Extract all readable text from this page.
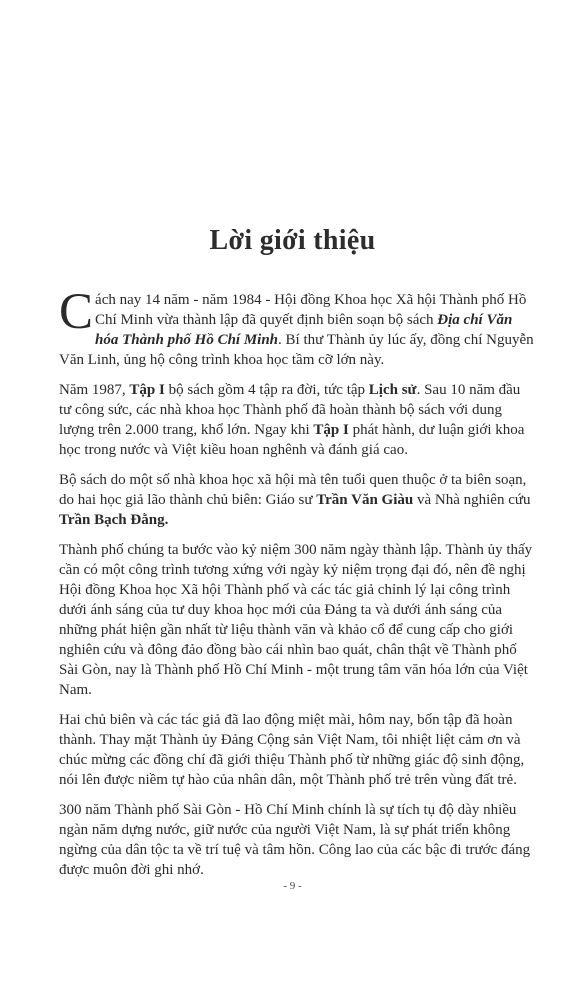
Lời giới thiệu

Cách nay 14 năm - năm 1984 - Hội đồng Khoa học Xã hội Thành phố Hồ Chí Minh vừa thành lập đã quyết định biên soạn bộ sách Địa chí Văn hóa Thành phố Hồ Chí Minh. Bí thư Thành ủy lúc ấy, đồng chí Nguyễn Văn Linh, ủng hộ công trình khoa học tầm cỡ lớn này.

Năm 1987, Tập I bộ sách gồm 4 tập ra đời, tức tập Lịch sử. Sau 10 năm đầu tư công sức, các nhà khoa học Thành phố đã hoàn thành bộ sách với dung lượng trên 2.000 trang, khổ lớn. Ngay khi Tập I phát hành, dư luận giới khoa học trong nước và Việt kiều hoan nghênh và đánh giá cao.

Bộ sách do một số nhà khoa học xã hội mà tên tuổi quen thuộc ở ta biên soạn, do hai học giả lão thành chủ biên: Giáo sư Trần Văn Giàu và Nhà nghiên cứu Trần Bạch Đằng.

Thành phố chúng ta bước vào kỷ niệm 300 năm ngày thành lập. Thành ủy thấy cần có một công trình tương xứng với ngày kỷ niệm trọng đại đó, nên đề nghị Hội đồng Khoa học Xã hội Thành phố và các tác giả chỉnh lý lại công trình dưới ánh sáng của tư duy khoa học mới của Đảng ta và dưới ánh sáng của những phát hiện gần nhất từ liệu thành văn và khảo cổ để cung cấp cho giới nghiên cứu và đông đảo đồng bào cái nhìn bao quát, chân thật về Thành phố Sài Gòn, nay là Thành phố Hồ Chí Minh - một trung tâm văn hóa lớn của Việt Nam.

Hai chủ biên và các tác giả đã lao động miệt mài, hôm nay, bốn tập đã hoàn thành. Thay mặt Thành ủy Đảng Cộng sản Việt Nam, tôi nhiệt liệt cảm ơn và chúc mừng các đồng chí đã giới thiệu Thành phố từ những giác độ sinh động, nói lên được niềm tự hào của nhân dân, một Thành phố trẻ trên vùng đất trẻ.

300 năm Thành phố Sài Gòn - Hồ Chí Minh chính là sự tích tụ độ dày nhiều ngàn năm dựng nước, giữ nước của người Việt Nam, là sự phát triển không ngừng của dân tộc ta về trí tuệ và tâm hồn. Công lao của các bậc đi trước đáng được muôn đời ghi nhớ.

- 9 -
